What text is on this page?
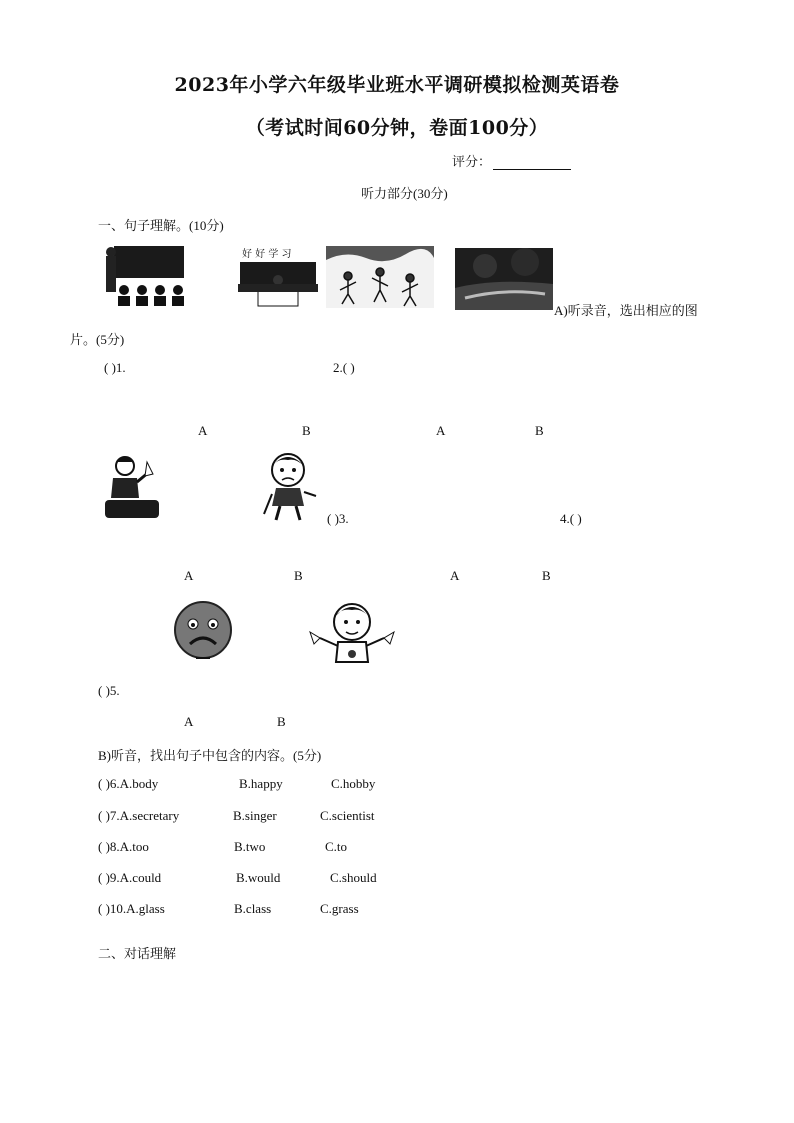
2023年小学六年级毕业班水平调研模拟检测英语卷
（考试时间60分钟，卷面100分）
评分：
听力部分(30分)
一、句子理解。(10分)
好 好 学 习
A)听录音，选出相应的图
片。(5分)
( )1.	2.( )
A	B	A	B
( )3.	4.( )
A	B	A	B
( )5.
A	B
B)听音，找出句子中包含的内容。(5分)
( )6.A.body	B.happy	C.hobby
( )7.A.secretary	B.singer	C.scientist
( )8.A.too	B.two	C.to
( )9.A.could	B.would	C.should
( )10.A.glass	B.class	C.grass
二、对话理解
